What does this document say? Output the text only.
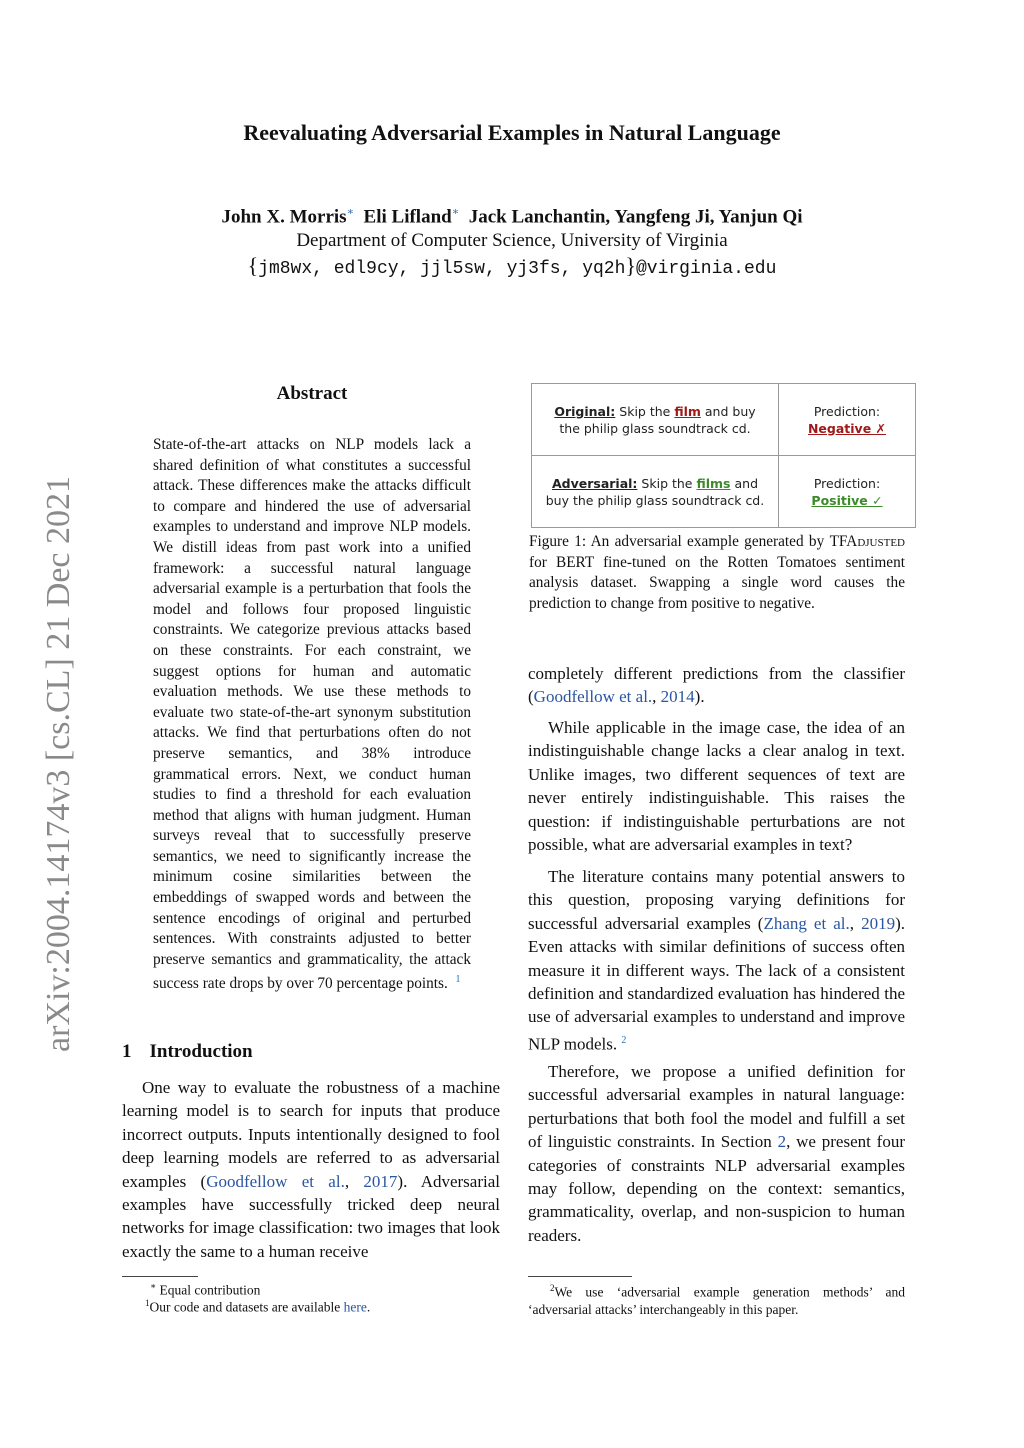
arXiv:2004.14174v3 [cs.CL] 21 Dec 2021
Reevaluating Adversarial Examples in Natural Language
John X. Morris∗ Eli Lifland∗ Jack Lanchantin, Yangfeng Ji, Yanjun Qi
Department of Computer Science, University of Virginia
{jm8wx, edl9cy, jjl5sw, yj3fs, yq2h}@virginia.edu
Abstract
State-of-the-art attacks on NLP models lack a shared definition of what constitutes a successful attack. These differences make the attacks difficult to compare and hindered the use of adversarial examples to understand and improve NLP models. We distill ideas from past work into a unified framework: a successful natural language adversarial example is a perturbation that fools the model and follows four proposed linguistic constraints. We categorize previous attacks based on these constraints. For each constraint, we suggest options for human and automatic evaluation methods. We use these methods to evaluate two state-of-the-art synonym substitution attacks. We find that perturbations often do not preserve semantics, and 38% introduce grammatical errors. Next, we conduct human studies to find a threshold for each evaluation method that aligns with human judgment. Human surveys reveal that to successfully preserve semantics, we need to significantly increase the minimum cosine similarities between the embeddings of swapped words and between the sentence encodings of original and perturbed sentences. With constraints adjusted to better preserve semantics and grammaticality, the attack success rate drops by over 70 percentage points. $^1$
1 Introduction

One way to evaluate the robustness of a machine learning model is to search for inputs that produce incorrect outputs. Inputs intentionally designed to fool deep learning models are referred to as adversarial examples (Goodfellow et al., 2017). Adversarial examples have successfully tricked deep neural networks for image classification: two images that look exactly the same to a human receive

∗ Equal contribution
$^1$Our code and datasets are available here.
Original: Skip the film and buy the philip glass soundtrack cd.
Prediction:
Negative ✗
Adversarial: Skip the films and buy the philip glass soundtrack cd.
Prediction:
Positive ✓
Figure 1: An adversarial example generated by TFAdjusted for BERT fine-tuned on the Rotten Tomatoes sentiment analysis dataset. Swapping a single word causes the prediction to change from positive to negative.

completely different predictions from the classifier (Goodfellow et al., 2014).

While applicable in the image case, the idea of an indistinguishable change lacks a clear analog in text. Unlike images, two different sequences of text are never entirely indistinguishable. This raises the question: if indistinguishable perturbations are not possible, what are adversarial examples in text?

The literature contains many potential answers to this question, proposing varying definitions for successful adversarial examples (Zhang et al., 2019). Even attacks with similar definitions of success often measure it in different ways. The lack of a consistent definition and standardized evaluation has hindered the use of adversarial examples to understand and improve NLP models. $^2$

Therefore, we propose a unified definition for successful adversarial examples in natural language: perturbations that both fool the model and fulfill a set of linguistic constraints. In Section 2, we present four categories of constraints NLP adversarial examples may follow, depending on the context: semantics, grammaticality, overlap, and non-suspicion to human readers.

$^2$We use ‘adversarial example generation methods’ and ‘adversarial attacks’ interchangeably in this paper.
